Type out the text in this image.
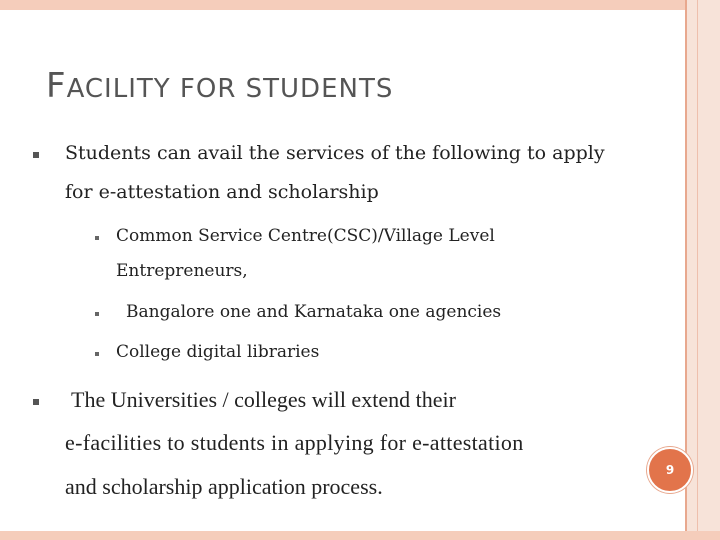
FACILITY FOR STUDENTS
Students can avail the services of the following to apply
for e-attestation and scholarship
Common Service Centre(CSC)/Village Level
Entrepreneurs,
Bangalore one and Karnataka one agencies
College digital libraries
The Universities / colleges will extend their
e-facilities to students in applying for e-attestation
and scholarship application process.
9
